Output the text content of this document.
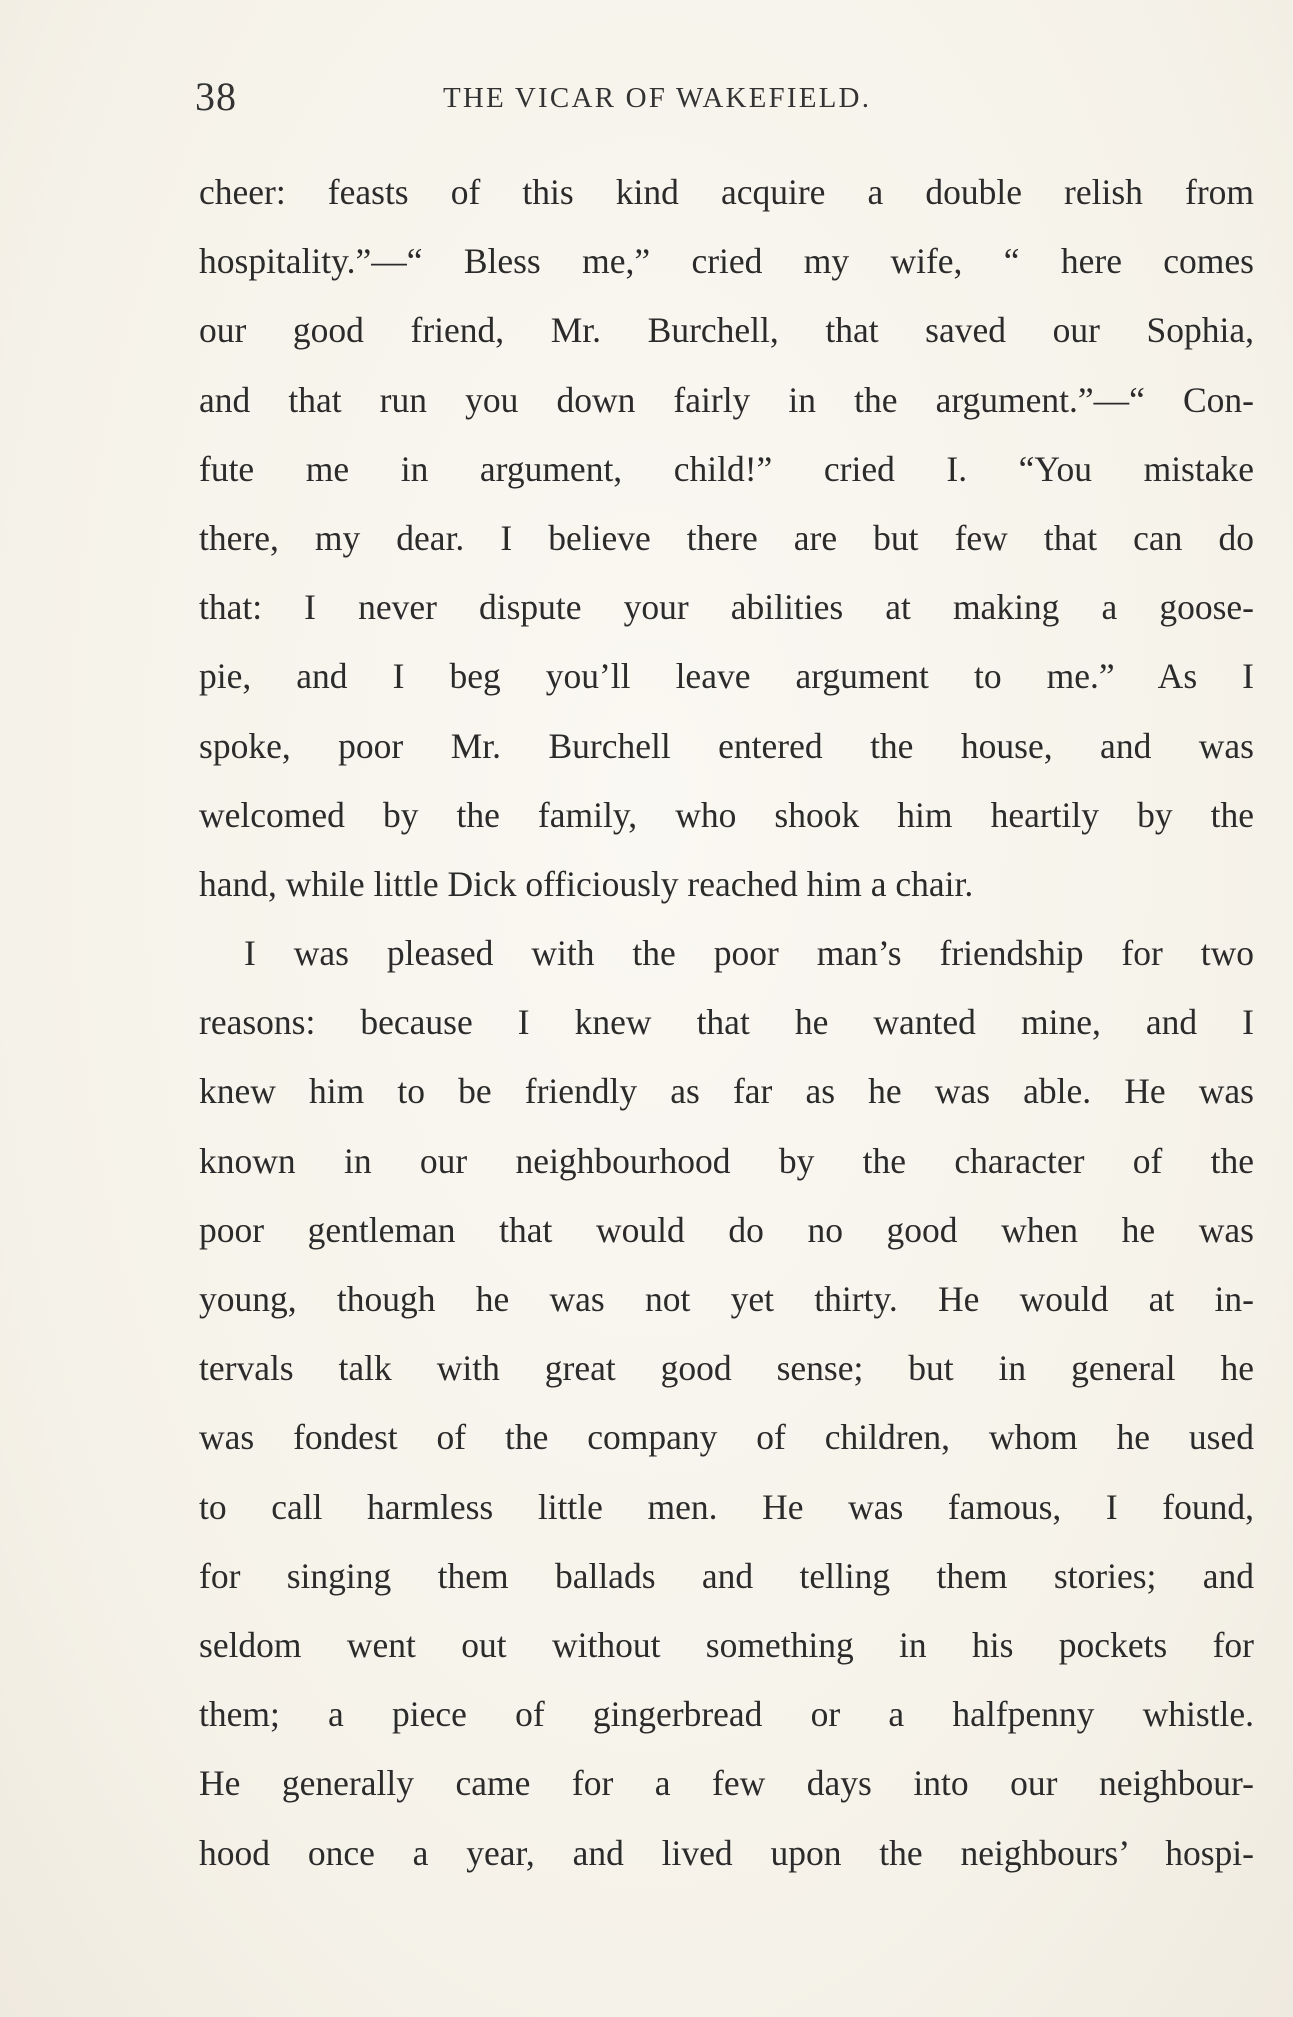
38	THE VICAR OF WAKEFIELD.
cheer: feasts of this kind acquire a double relish from
hospitality.”—“ Bless me,” cried my wife, “ here comes
our good friend, Mr. Burchell, that saved our Sophia,
and that run you down fairly in the argument.”—“ Con-
fute me in argument, child!” cried I. “You mistake
there, my dear. I believe there are but few that can do
that: I never dispute your abilities at making a goose-
pie, and I beg you’ll leave argument to me.” As I
spoke, poor Mr. Burchell entered the house, and was
welcomed by the family, who shook him heartily by the
hand, while little Dick officiously reached him a chair.
I was pleased with the poor man’s friendship for two
reasons: because I knew that he wanted mine, and I
knew him to be friendly as far as he was able. He was
known in our neighbourhood by the character of the
poor gentleman that would do no good when he was
young, though he was not yet thirty. He would at in-
tervals talk with great good sense; but in general he
was fondest of the company of children, whom he used
to call harmless little men. He was famous, I found,
for singing them ballads and telling them stories; and
seldom went out without something in his pockets for
them; a piece of gingerbread or a halfpenny whistle.
He generally came for a few days into our neighbour-
hood once a year, and lived upon the neighbours’ hospi-
